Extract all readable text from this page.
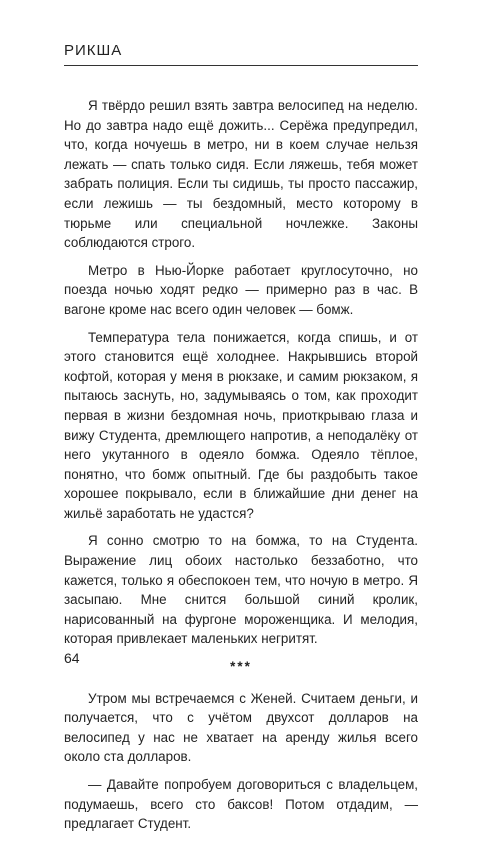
РИКША

Я твёрдо решил взять завтра велосипед на неделю. Но до завтра надо ещё дожить... Серёжа предупредил, что, когда ночуешь в метро, ни в коем случае нельзя лежать — спать только сидя. Если ляжешь, тебя может забрать полиция. Если ты сидишь, ты просто пассажир, если лежишь — ты бездомный, место которому в тюрьме или специальной ночлежке. Законы соблюдаются строго.

Метро в Нью-Йорке работает круглосуточно, но поезда ночью ходят редко — примерно раз в час. В вагоне кроме нас всего один человек — бомж.

Температура тела понижается, когда спишь, и от этого становится ещё холоднее. Накрывшись второй кофтой, которая у меня в рюкзаке, и самим рюкзаком, я пытаюсь заснуть, но, задумываясь о том, как проходит первая в жизни бездомная ночь, приоткрываю глаза и вижу Студента, дремлющего напротив, а неподалёку от него укутанного в одеяло бомжа. Одеяло тёплое, понятно, что бомж опытный. Где бы раздобыть такое хорошее покрывало, если в ближайшие дни денег на жильё заработать не удастся?

Я сонно смотрю то на бомжа, то на Студента. Выражение лиц обоих настолько беззаботно, что кажется, только я обеспокоен тем, что ночую в метро. Я засыпаю. Мне снится большой синий кролик, нарисованный на фургоне мороженщика. И мелодия, которая привлекает маленьких негритят.

***

Утром мы встречаемся с Женей. Считаем деньги, и получается, что с учётом двухсот долларов на велосипед у нас не хватает на аренду жилья всего около ста долларов.

— Давайте попробуем договориться с владельцем, подумаешь, всего сто баксов! Потом отдадим, — предлагает Студент.

64
